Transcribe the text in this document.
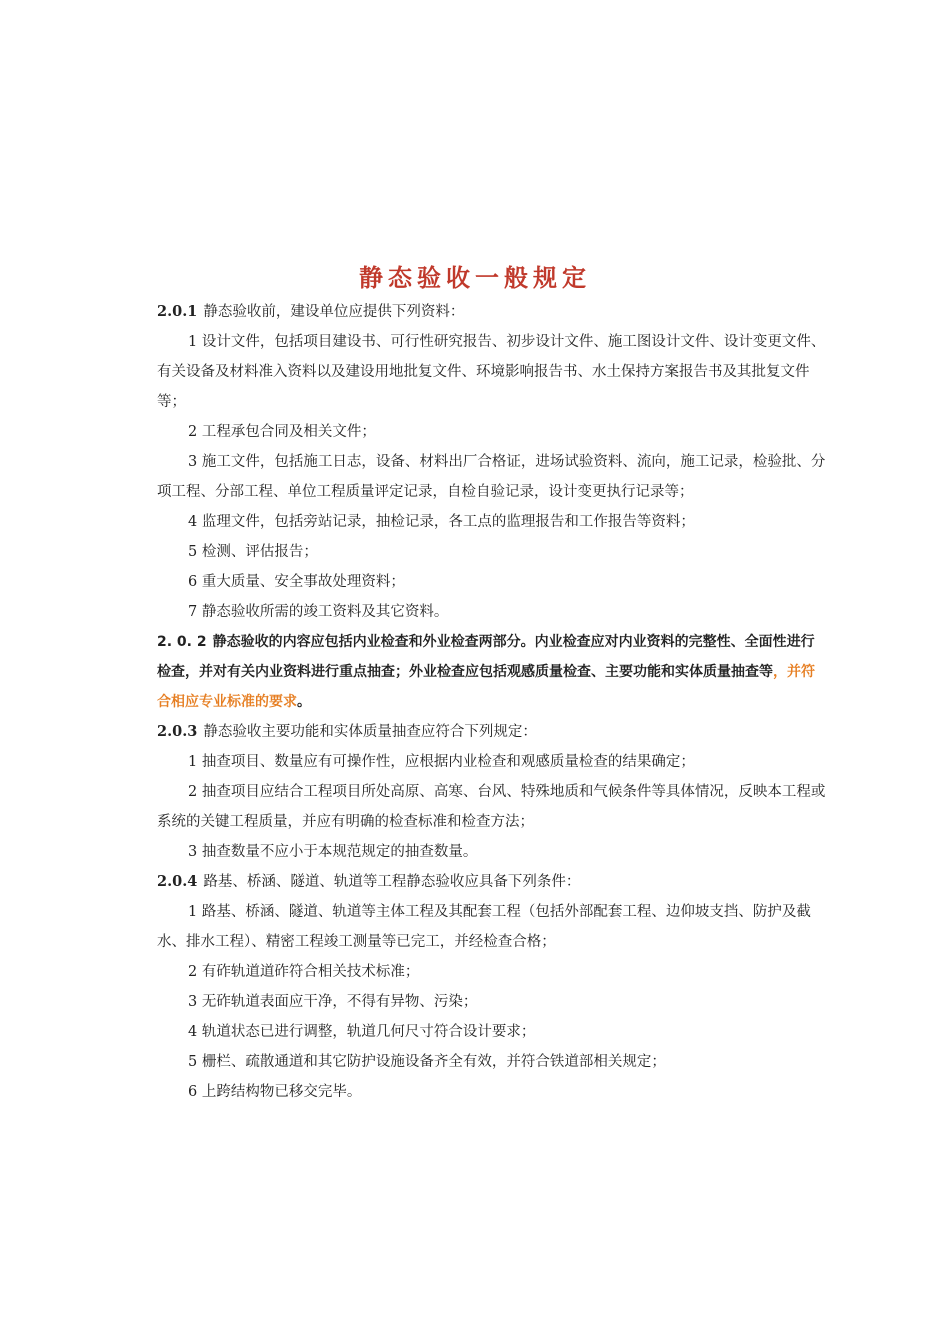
静态验收一般规定

2.0.1 静态验收前，建设单位应提供下列资料：

1 设计文件，包括项目建设书、可行性研究报告、初步设计文件、施工图设计文件、设计变更文件、有关设备及材料准入资料以及建设用地批复文件、环境影响报告书、水土保持方案报告书及其批复文件等；

2 工程承包合同及相关文件；

3 施工文件，包括施工日志，设备、材料出厂合格证，进场试验资料、流向，施工记录，检验批、分项工程、分部工程、单位工程质量评定记录，自检自验记录，设计变更执行记录等；

4 监理文件，包括旁站记录，抽检记录，各工点的监理报告和工作报告等资料；

5 检测、评估报告；

6 重大质量、安全事故处理资料；

7 静态验收所需的竣工资料及其它资料。

2. 0. 2 静态验收的内容应包括内业检查和外业检查两部分。内业检查应对内业资料的完整性、全面性进行检查，并对有关内业资料进行重点抽查；外业检查应包括观感质量检查、主要功能和实体质量抽查等，并符合相应专业标准的要求。

2.0.3 静态验收主要功能和实体质量抽查应符合下列规定：

1 抽查项目、数量应有可操作性，应根据内业检查和观感质量检查的结果确定；

2 抽查项目应结合工程项目所处高原、高寒、台风、特殊地质和气候条件等具体情况，反映本工程或系统的关键工程质量，并应有明确的检查标准和检查方法；

3 抽查数量不应小于本规范规定的抽查数量。

2.0.4 路基、桥涵、隧道、轨道等工程静态验收应具备下列条件：

1 路基、桥涵、隧道、轨道等主体工程及其配套工程（包括外部配套工程、边仰坡支挡、防护及截水、排水工程）、精密工程竣工测量等已完工，并经检查合格；

2 有砟轨道道砟符合相关技术标准；

3 无砟轨道表面应干净，不得有异物、污染；

4 轨道状态已进行调整，轨道几何尺寸符合设计要求；

5 栅栏、疏散通道和其它防护设施设备齐全有效，并符合铁道部相关规定；

6 上跨结构物已移交完毕。
